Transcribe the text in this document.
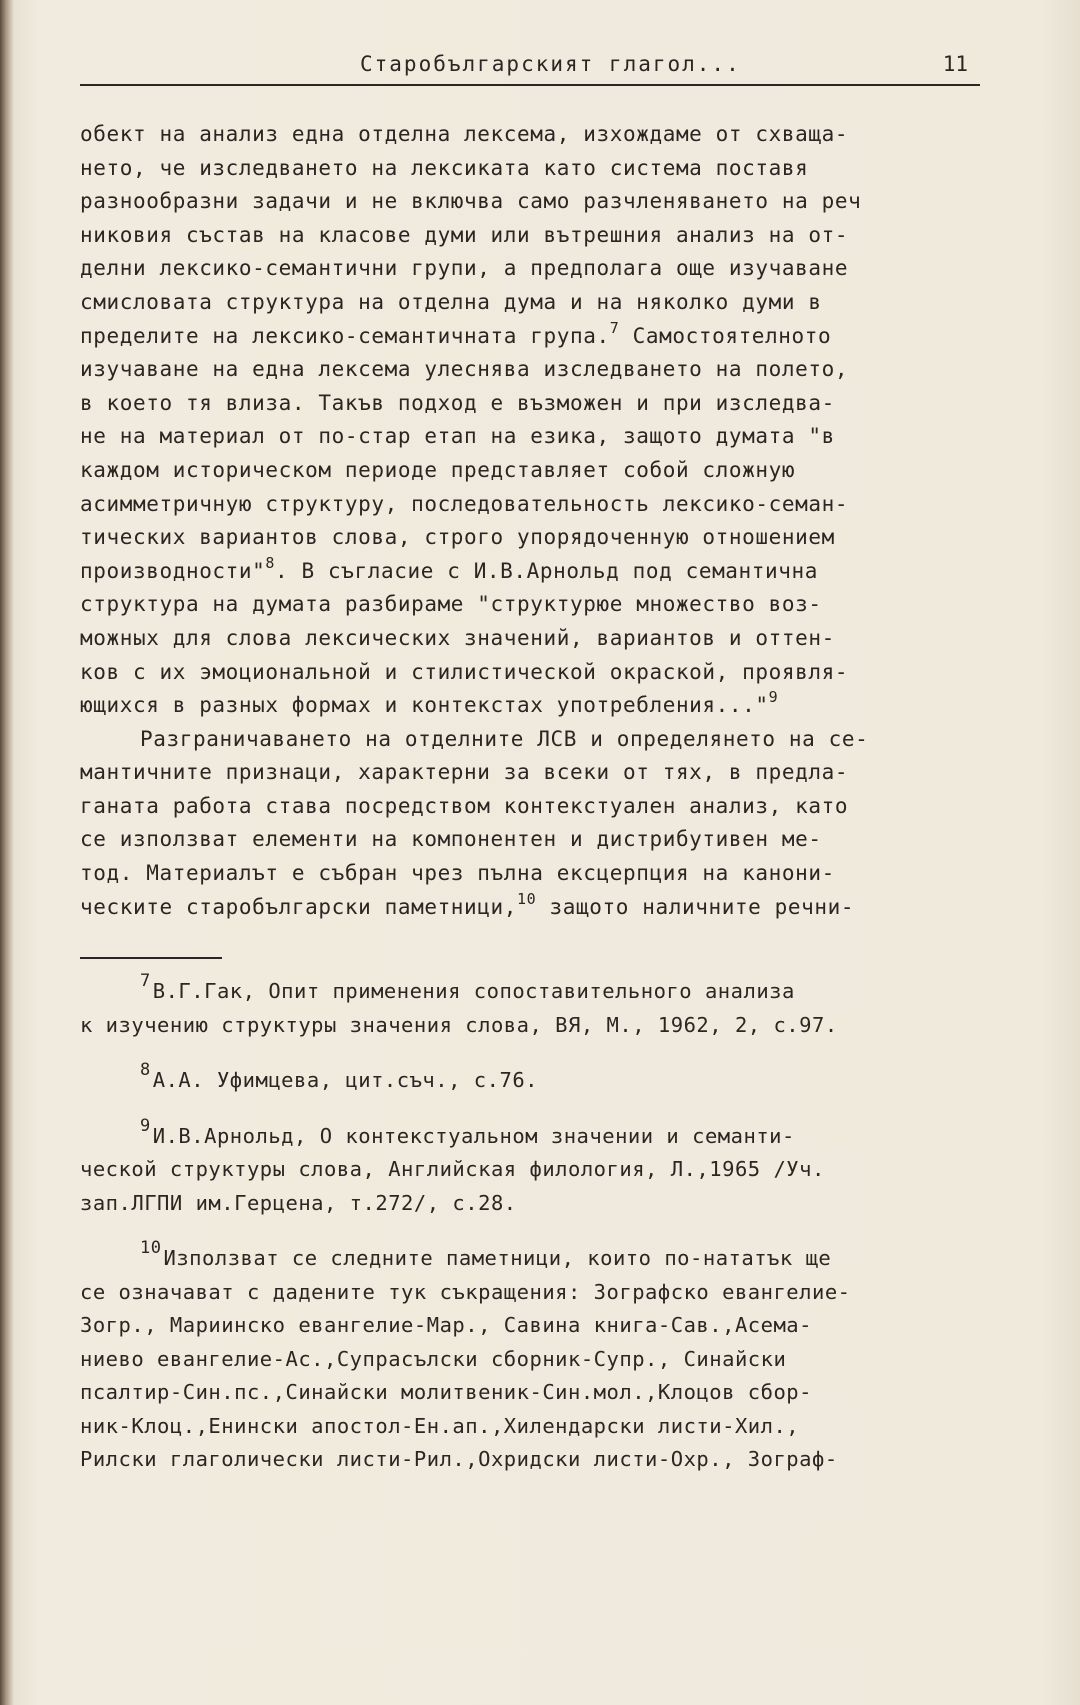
Старобългарският глагол...	11
обект на анализ една отделна лексема, изхождаме от схваща-
нето, че изследването на лексиката като система поставя
разнообразни задачи и не включва само разчленяването на реч
никовия състав на класове думи или вътрешния анализ на от-
делни лексико-семантични групи, а предполага още изучаване
смисловата структура на отделна дума и на няколко думи в
пределите на лексико-семантичната група.$^7$ Самостоятелното
изучаване на една лексема улеснява изследването на полето,
в което тя влиза. Такъв подход е възможен и при изследва-
не на материал от по-стар етап на езика, защото думата "в
каждом историческом периоде представляет собой сложную
асимметричную структуру, последовательность лексико-семан-
тических вариантов слова, строго упорядоченную отношением
производности"$^8$. В съгласие с И.В.Арнольд под семантична
структура на думата разбираме "структурюе множество воз-
можных для слова лексических значений, вариантов и оттен-
ков с их эмоциональной и стилистической окраской, проявля-
ющихся в разных формах и контекстах употребления..."$^9$
Разграничаването на отделните ЛСВ и определянето на се-
мантичните признаци, характерни за всеки от тях, в предла-
ганата работа става посредством контекстуален анализ, като
се използват елементи на компонентен и дистрибутивен ме-
тод. Материалът е събран чрез пълна ексцерпция на канони-
ческите старобългарски паметници,$^{10}$ защото наличните речни-
$^7$В.Г.Гак, Опит применения сопоставительного анализа
к изучению структуры значения слова, ВЯ, М., 1962, 2, с.97.
$^8$А.А. Уфимцева, цит.съч., с.76.
$^9$И.В.Арнольд, О контекстуальном значении и семанти-
ческой структуры слова, Английская филология, Л.,1965 /Уч.
зап.ЛГПИ им.Герцена, т.272/, с.28.
$^{10}$Използват се следните паметници, които по-нататък ще
се означават с дадените тук съкращения: Зографско евангелие-
Зогр., Мариинско евангелие-Мар., Савина книга-Сав.,Асема-
ниево евангелие-Ас.,Супрасълски сборник-Супр., Синайски
псалтир-Син.пс.,Синайски молитвеник-Син.мол.,Клоцов сбор-
ник-Клоц.,Енински апостол-Ен.ап.,Хилендарски листи-Хил.,
Рилски глаголически листи-Рил.,Охридски листи-Охр., Зограф-
